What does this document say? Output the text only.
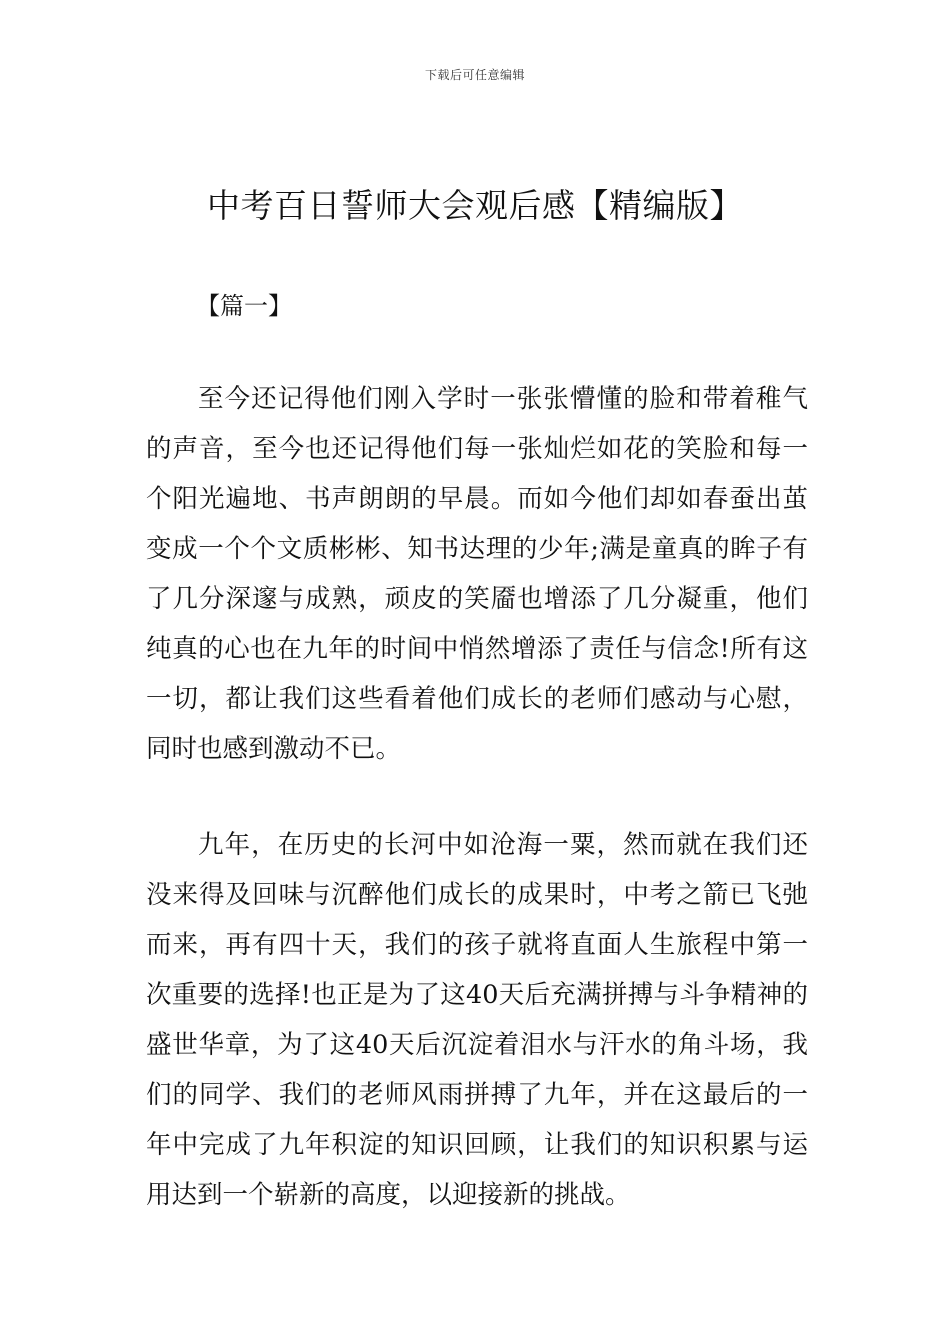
下载后可任意编辑
中考百日誓师大会观后感【精编版】
【篇一】

至今还记得他们刚入学时一张张懵懂的脸和带着稚气的声音，至今也还记得他们每一张灿烂如花的笑脸和每一个阳光遍地、书声朗朗的早晨。而如今他们却如春蚕出茧变成一个个文质彬彬、知书达理的少年;满是童真的眸子有了几分深邃与成熟，顽皮的笑靥也增添了几分凝重，他们纯真的心也在九年的时间中悄然增添了责任与信念!所有这一切，都让我们这些看着他们成长的老师们感动与心慰，同时也感到激动不已。

九年，在历史的长河中如沧海一粟，然而就在我们还没来得及回味与沉醉他们成长的成果时，中考之箭已飞弛而来，再有四十天，我们的孩子就将直面人生旅程中第一次重要的选择!也正是为了这40天后充满拼搏与斗争精神的盛世华章，为了这40天后沉淀着泪水与汗水的角斗场，我们的同学、我们的老师风雨拼搏了九年，并在这最后的一年中完成了九年积淀的知识回顾，让我们的知识积累与运用达到一个崭新的高度，以迎接新的挑战。
